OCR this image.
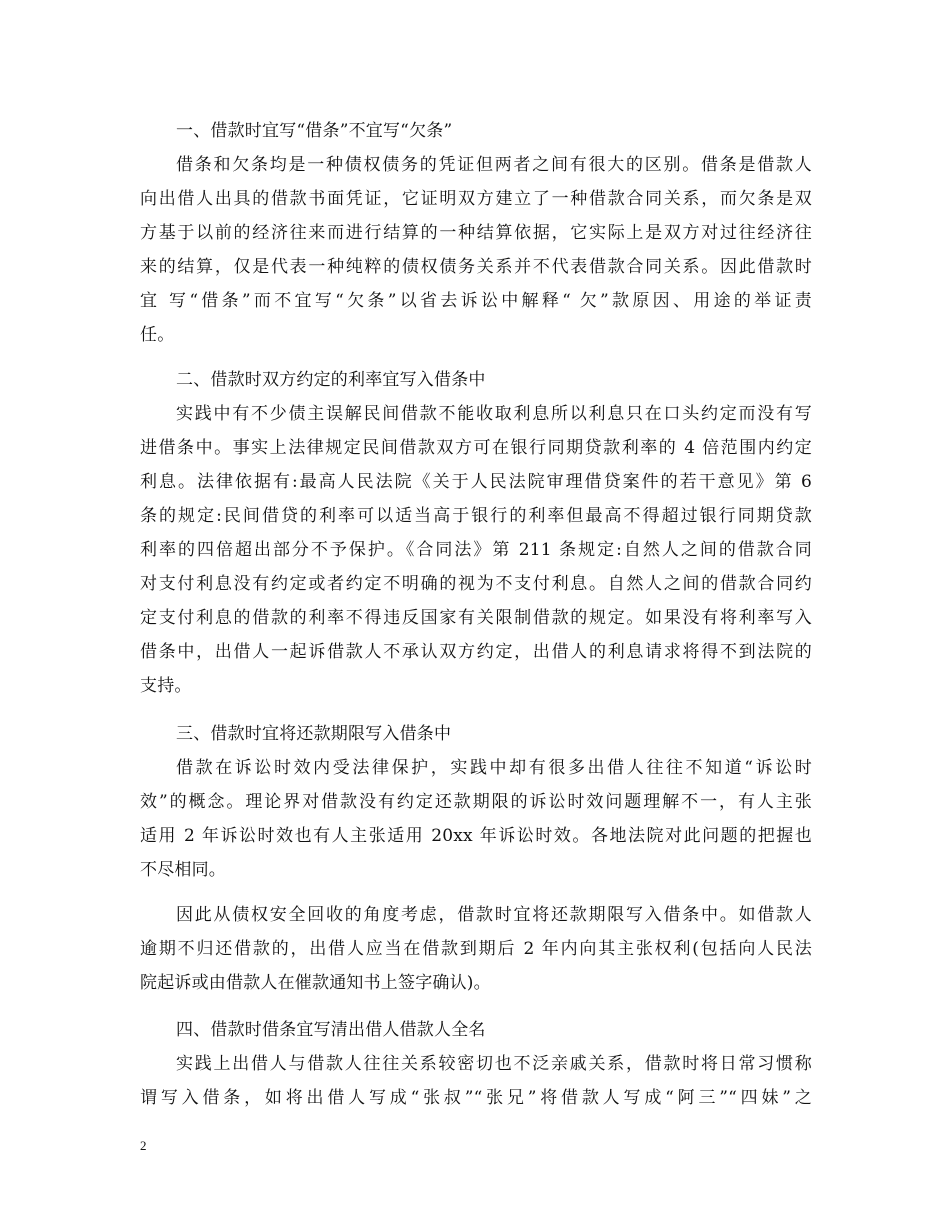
一、借款时宜写“借条”不宜写“欠条”
借条和欠条均是一种债权债务的凭证但两者之间有很大的区别。借条是借款人
向出借人出具的借款书面凭证，它证明双方建立了一种借款合同关系，而欠条是双
方基于以前的经济往来而进行结算的一种结算依据，它实际上是双方对过往经济往
来的结算，仅是代表一种纯粹的债权债务关系并不代表借款合同关系。因此借款时
宜 写“借条”而不宜写“欠条”以省去诉讼中解释“ 欠”款原因、用途的举证责
任。
二、借款时双方约定的利率宜写入借条中
实践中有不少债主误解民间借款不能收取利息所以利息只在口头约定而没有写
进借条中。事实上法律规定民间借款双方可在银行同期贷款利率的 4 倍范围内约定
利息。法律依据有:最高人民法院《关于人民法院审理借贷案件的若干意见》第 6
条的规定:民间借贷的利率可以适当高于银行的利率但最高不得超过银行同期贷款
利率的四倍超出部分不予保护。《合同法》第 211 条规定:自然人之间的借款合同
对支付利息没有约定或者约定不明确的视为不支付利息。自然人之间的借款合同约
定支付利息的借款的利率不得违反国家有关限制借款的规定。如果没有将利率写入
借条中，出借人一起诉借款人不承认双方约定，出借人的利息请求将得不到法院的
支持。
三、借款时宜将还款期限写入借条中
借款在诉讼时效内受法律保护，实践中却有很多出借人往往不知道“诉讼时
效”的概念。理论界对借款没有约定还款期限的诉讼时效问题理解不一，有人主张
适用 2 年诉讼时效也有人主张适用 20xx 年诉讼时效。各地法院对此问题的把握也
不尽相同。
因此从债权安全回收的角度考虑，借款时宜将还款期限写入借条中。如借款人
逾期不归还借款的，出借人应当在借款到期后 2 年内向其主张权利(包括向人民法
院起诉或由借款人在催款通知书上签字确认)。
四、借款时借条宜写清出借人借款人全名
实践上出借人与借款人往往关系较密切也不泛亲戚关系，借款时将日常习惯称
谓写入借条，如将出借人写成“张叔”“张兄”将借款人写成“阿三”“四妹”之
2
